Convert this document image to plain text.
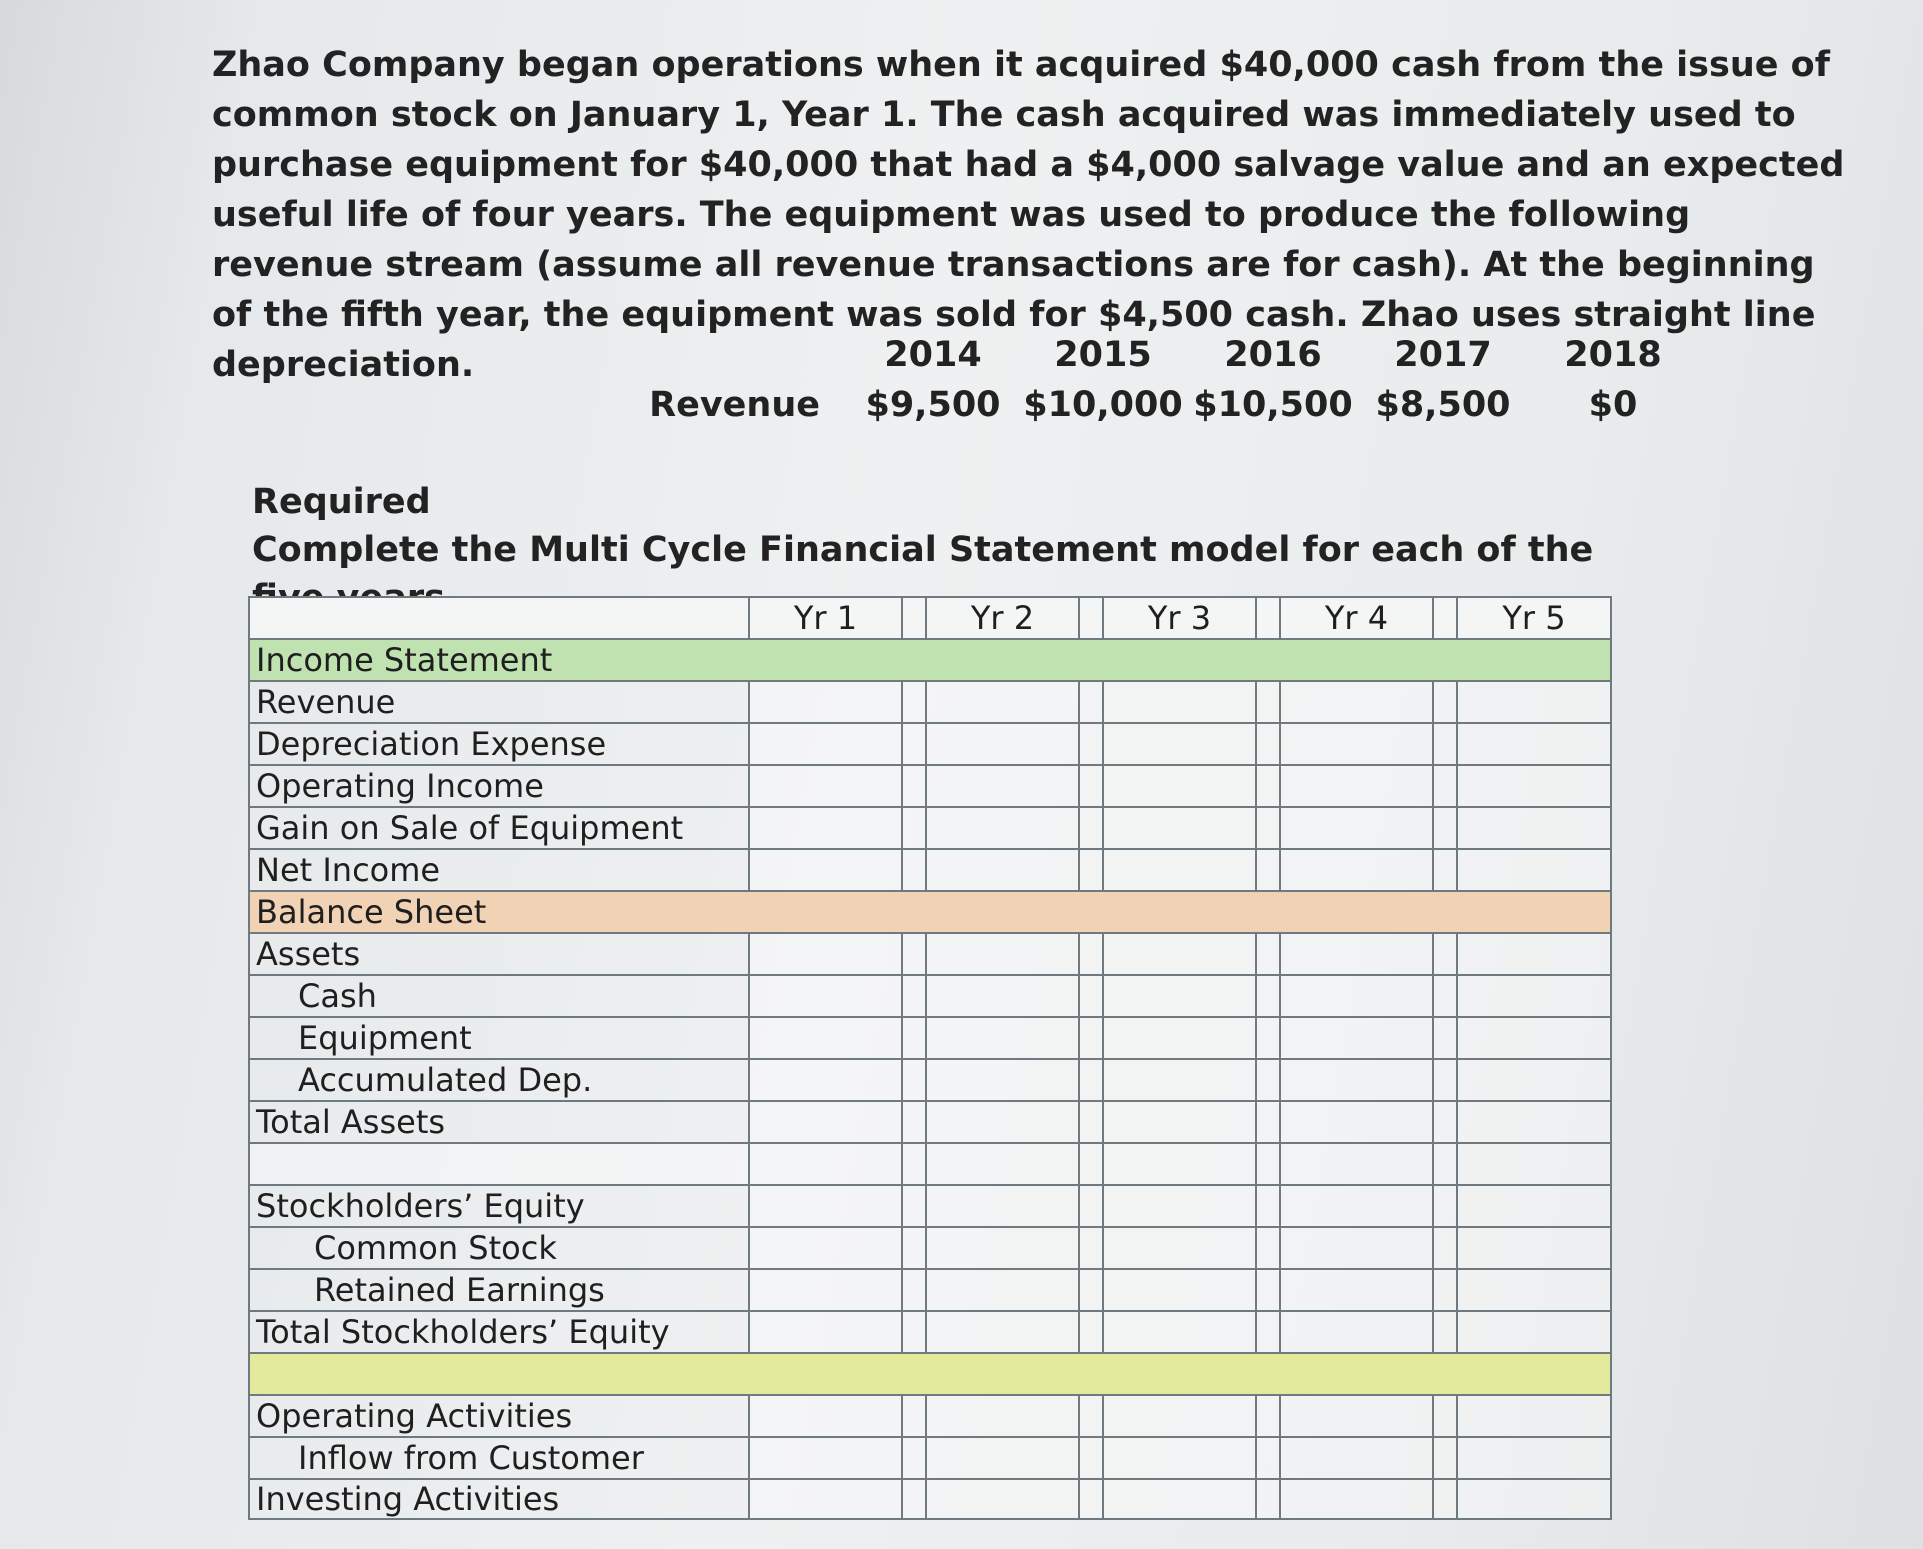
Zhao Company began operations when it acquired $40,000 cash from the issue of common stock on January 1, Year 1. The cash acquired was immediately used to purchase equipment for $40,000 that had a $4,000 salvage value and an expected useful life of four years. The equipment was used to produce the following revenue stream (assume all revenue transactions are for cash). At the beginning of the fifth year, the equipment was sold for $4,500 cash. Zhao uses straight line depreciation.

		2014	2015	2016	2017	2018
Revenue	$9,500	$10,000	$10,500	$8,500	$0
Required
Complete the Multi Cycle Financial Statement model for each of the
	Yr 1		Yr 2		Yr 3		Yr 4		Yr 5
Income Statement									
Revenue									
Depreciation Expense									
Operating Income									
Gain on Sale of Equipment									
Net Income									
Balance Sheet									
Assets									
Cash									
Equipment									
Accumulated Dep.									
Total Assets									

Stockholders’ Equity									
Common Stock									
Retained Earnings									
Total Stockholders’ Equity									

Operating Activities									
Inflow from Customer									
Investing Activities									
